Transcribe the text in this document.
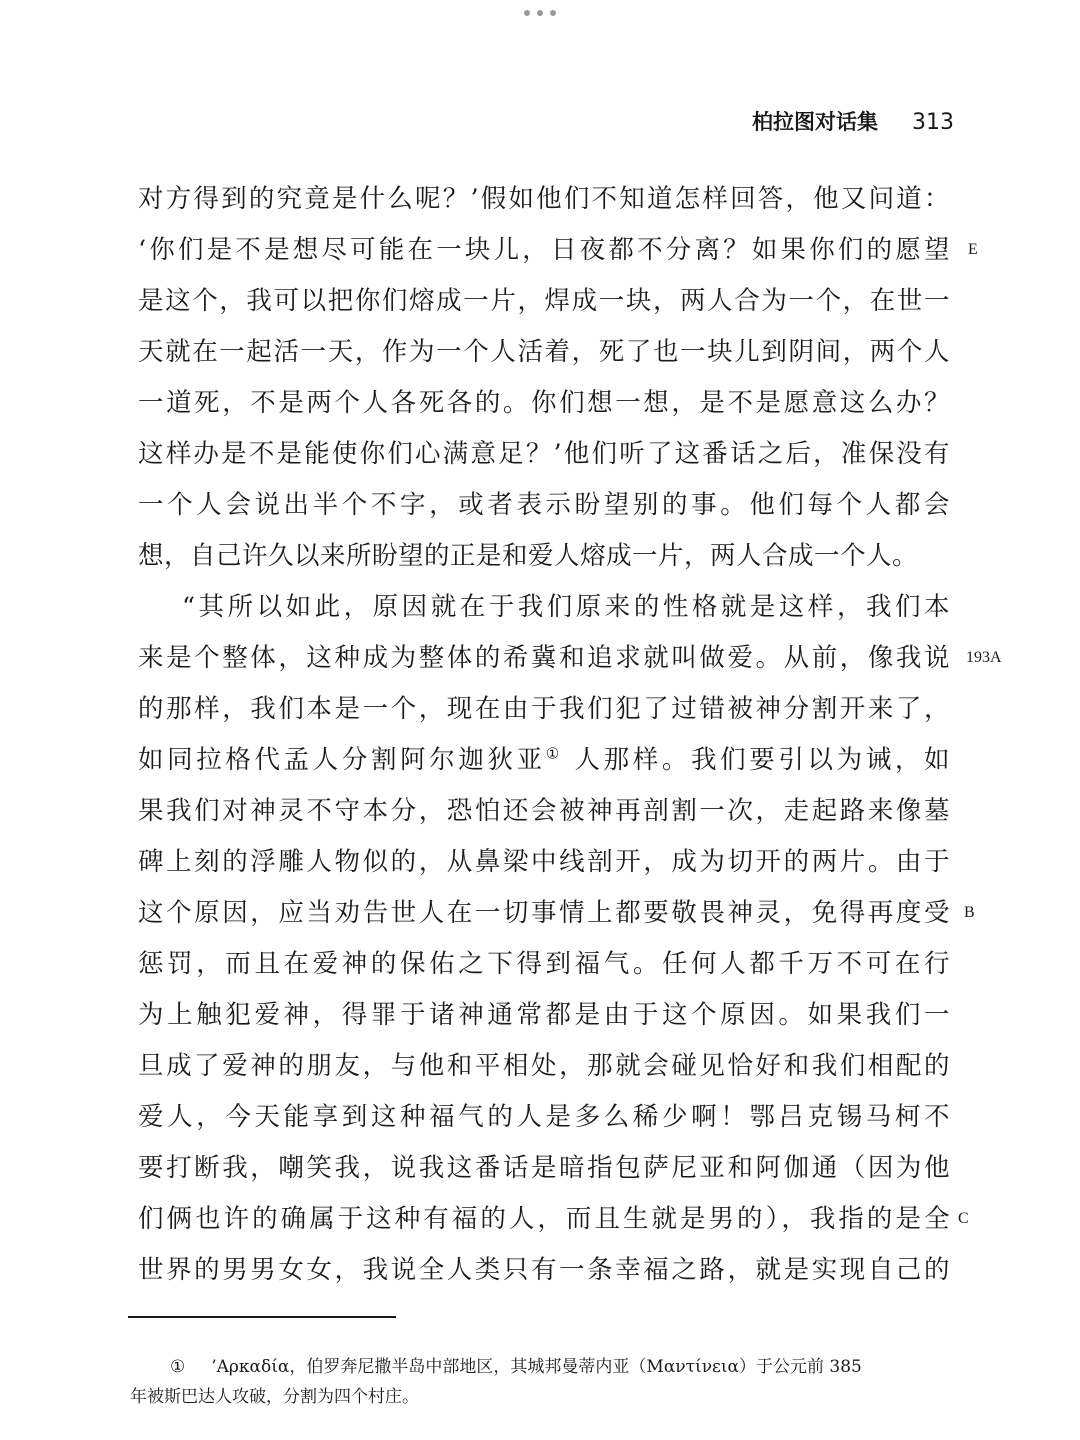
柏拉图对话集 313
对方得到的究竟是什么呢？’假如他们不知道怎样回答，他又问道：
‘你们是不是想尽可能在一块儿，日夜都不分离？如果你们的愿望
是这个，我可以把你们熔成一片，焊成一块，两人合为一个，在世一
天就在一起活一天，作为一个人活着，死了也一块儿到阴间，两个人
一道死，不是两个人各死各的。你们想一想，是不是愿意这么办？
这样办是不是能使你们心满意足？’他们听了这番话之后，准保没有
一个人会说出半个不字，或者表示盼望别的事。他们每个人都会
想，自己许久以来所盼望的正是和爱人熔成一片，两人合成一个人。
“其所以如此，原因就在于我们原来的性格就是这样，我们本
来是个整体，这种成为整体的希冀和追求就叫做爱。从前，像我说
的那样，我们本是一个，现在由于我们犯了过错被神分割开来了，
如同拉格代孟人分割阿尔迦狄亚① 人那样。我们要引以为诫，如
果我们对神灵不守本分，恐怕还会被神再剖割一次，走起路来像墓
碑上刻的浮雕人物似的，从鼻梁中线剖开，成为切开的两片。由于
这个原因，应当劝告世人在一切事情上都要敬畏神灵，免得再度受
惩罚，而且在爱神的保佑之下得到福气。任何人都千万不可在行
为上触犯爱神，得罪于诸神通常都是由于这个原因。如果我们一
旦成了爱神的朋友，与他和平相处，那就会碰见恰好和我们相配的
爱人，今天能享到这种福气的人是多么稀少啊！鄂吕克锡马柯不
要打断我，嘲笑我，说我这番话是暗指包萨尼亚和阿伽通（因为他
们俩也许的确属于这种有福的人，而且生就是男的），我指的是全
世界的男男女女，我说全人类只有一条幸福之路，就是实现自己的
E
193A
B
C
① ’Αρκαδία，伯罗奔尼撒半岛中部地区，其城邦曼蒂内亚（Μαντίνεια）于公元前 385
年被斯巴达人攻破，分割为四个村庄。
